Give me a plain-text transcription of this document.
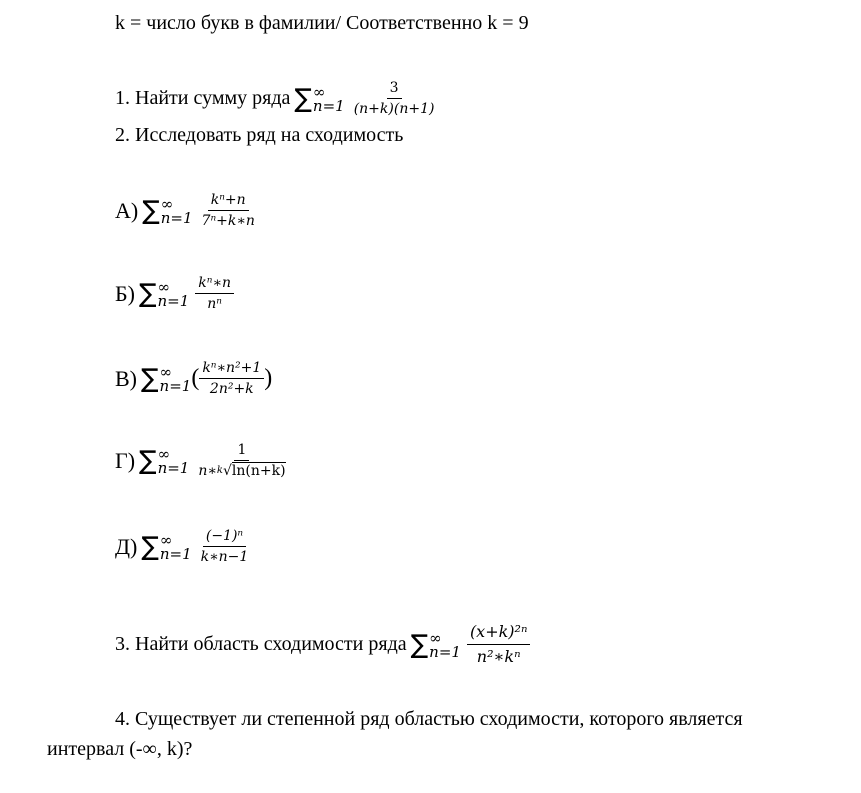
k = число букв в фамилии/ Соответственно k = 9
1. Найти сумму ряда ∑ ∞
$n=1 \frac{3}{(n+k)(n+1)}$
2. Исследовать ряд на сходимость
А) ∑ ∞
$n=1 \frac{\text{kⁿ+n}}{\text{7ⁿ+k∗n}}$
Б) ∑ ∞
$n=1 \frac{\text{kⁿ∗n}}{\text{nⁿ}}$
В) ∑ ∞
n=1 ( $\frac{\text{kⁿ∗n²+1}}{\text{2n²+k}}$ )
Г) ∑ ∞
$n=1 \frac{1}{n∗^k√\ln(n+k)}$
Д) ∑ ∞
$n=1 \frac{\text{(−1)ⁿ}}{k∗n-1}$
3. Найти область сходимости ряда ∑ ∞
$n=1 \frac{\text{(x+k)²ⁿ}}{\text{n²∗kⁿ}}$
4. Существует ли степенной ряд областью сходимости, которого является
интервал (-∞, k)?
